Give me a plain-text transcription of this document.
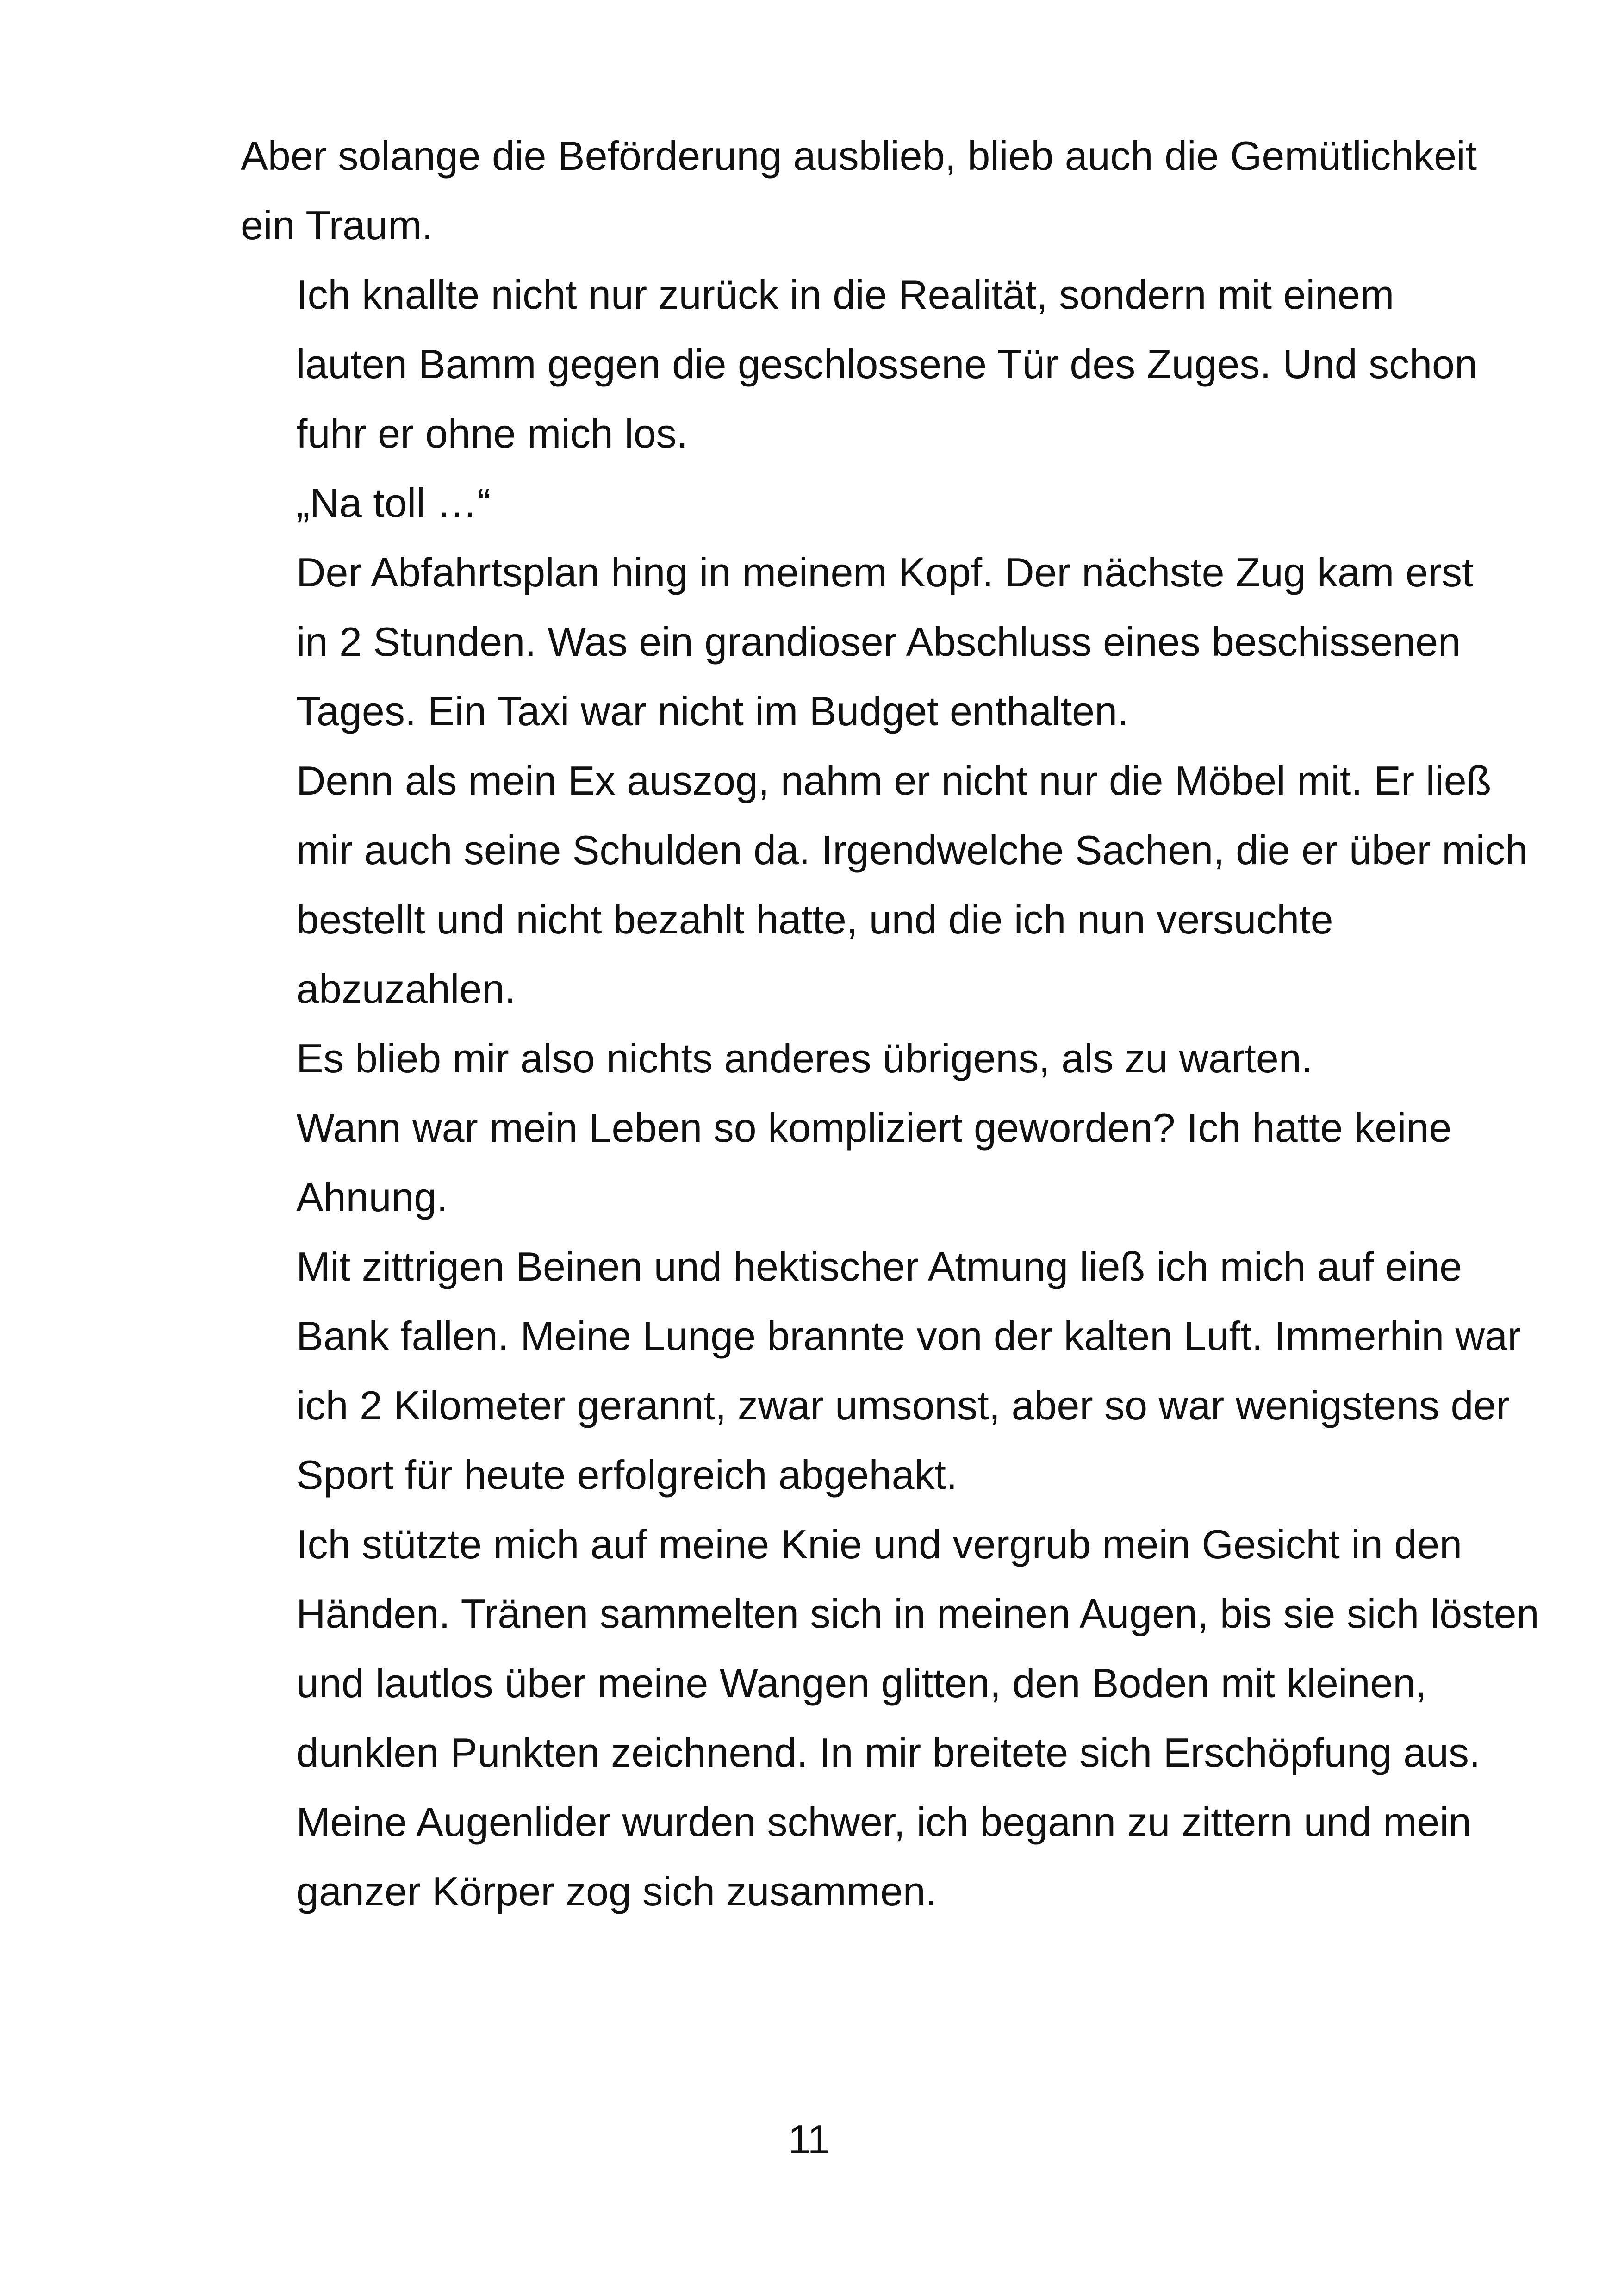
Aber solange die Beförderung ausblieb, blieb auch die Gemütlichkeit
ein Traum.

Ich knallte nicht nur zurück in die Realität, sondern mit einem
lauten Bamm gegen die geschlossene Tür des Zuges. Und schon
fuhr er ohne mich los.

„Na toll …“

Der Abfahrtsplan hing in meinem Kopf. Der nächste Zug kam erst
in 2 Stunden. Was ein grandioser Abschluss eines beschissenen
Tages. Ein Taxi war nicht im Budget enthalten.

Denn als mein Ex auszog, nahm er nicht nur die Möbel mit. Er ließ
mir auch seine Schulden da. Irgendwelche Sachen, die er über mich
bestellt und nicht bezahlt hatte, und die ich nun versuchte
abzuzahlen.

Es blieb mir also nichts anderes übrigens, als zu warten.

Wann war mein Leben so kompliziert geworden? Ich hatte keine
Ahnung.

Mit zittrigen Beinen und hektischer Atmung ließ ich mich auf eine
Bank fallen. Meine Lunge brannte von der kalten Luft. Immerhin war
ich 2 Kilometer gerannt, zwar umsonst, aber so war wenigstens der
Sport für heute erfolgreich abgehakt.

Ich stützte mich auf meine Knie und vergrub mein Gesicht in den
Händen. Tränen sammelten sich in meinen Augen, bis sie sich lösten
und lautlos über meine Wangen glitten, den Boden mit kleinen,
dunklen Punkten zeichnend. In mir breitete sich Erschöpfung aus.
Meine Augenlider wurden schwer, ich begann zu zittern und mein
ganzer Körper zog sich zusammen.

11
